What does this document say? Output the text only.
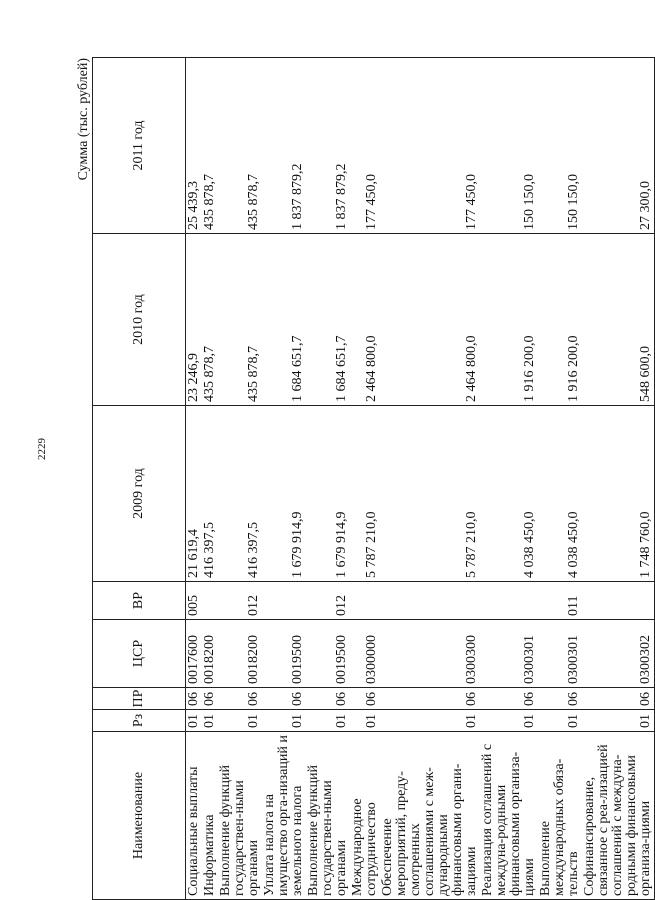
2229
Сумма (тыс. рублей)
Наименование	Рз	ПР	ЦСР	ВР	2009 год	2010 год	2011 год
Социальные выплаты	01	06	0017600	005	21 619,4	23 246,9	25 439,3
Информатика	01	06	0018200		416 397,5	435 878,7	435 878,7
Выполнение функций государствен-ными органами	01	06	0018200	012	416 397,5	435 878,7	435 878,7
Уплата налога на имущество орга-низаций и земельного налога	01	06	0019500		1 679 914,9	1 684 651,7	1 837 879,2
Выполнение функций государствен-ными органами	01	06	0019500	012	1 679 914,9	1 684 651,7	1 837 879,2
Международное сотрудничество	01	06	0300000		5 787 210,0	2 464 800,0	177 450,0
Обеспечение мероприятий, преду-смотренных соглашениями с меж-дународными финансовыми органи-зациями	01	06	0300300		5 787 210,0	2 464 800,0	177 450,0
Реализация соглашений с междуна-родными финансовыми организа-циями	01	06	0300301		4 038 450,0	1 916 200,0	150 150,0
Выполнение международных обяза-тельств	01	06	0300301	011	4 038 450,0	1 916 200,0	150 150,0
Софинансирование, связанное с реа-лизацией соглашений с междуна-родными финансовыми организа-циями	01	06	0300302		1 748 760,0	548 600,0	27 300,0
